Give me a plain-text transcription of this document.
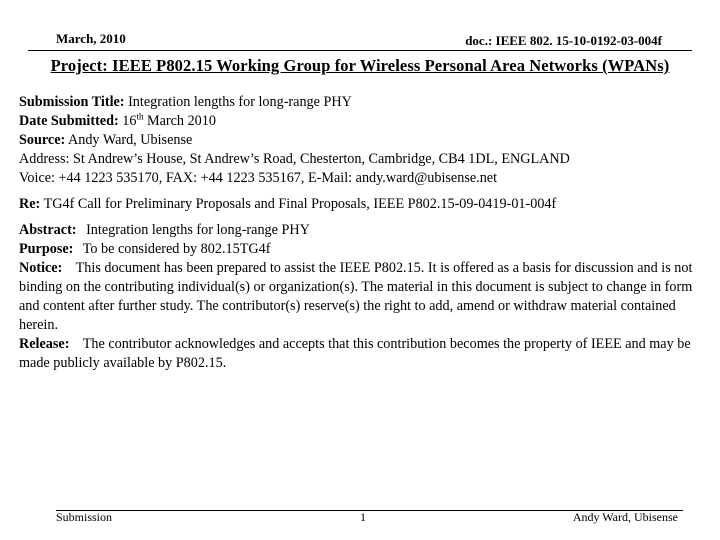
March, 2010	doc.: IEEE 802. 15-10-0192-03-004f
Project: IEEE P802.15 Working Group for Wireless Personal Area Networks (WPANs)
Submission Title: Integration lengths for long-range PHY
Date Submitted: 16th March 2010
Source: Andy Ward, Ubisense
Address: St Andrew’s House, St Andrew’s Road, Chesterton, Cambridge, CB4 1DL, ENGLAND
Voice: +44 1223 535170, FAX: +44 1223 535167, E-Mail: andy.ward@ubisense.net
Re: TG4f Call for Preliminary Proposals and Final Proposals, IEEE P802.15-09-0419-01-004f
Abstract: Integration lengths for long-range PHY
Purpose: To be considered by 802.15TG4f
Notice: This document has been prepared to assist the IEEE P802.15. It is offered as a basis for discussion and is not binding on the contributing individual(s) or organization(s). The material in this document is subject to change in form and content after further study. The contributor(s) reserve(s) the right to add, amend or withdraw material contained herein.
Release: The contributor acknowledges and accepts that this contribution becomes the property of IEEE and may be made publicly available by P802.15.
Submission	1	Andy Ward, Ubisense
